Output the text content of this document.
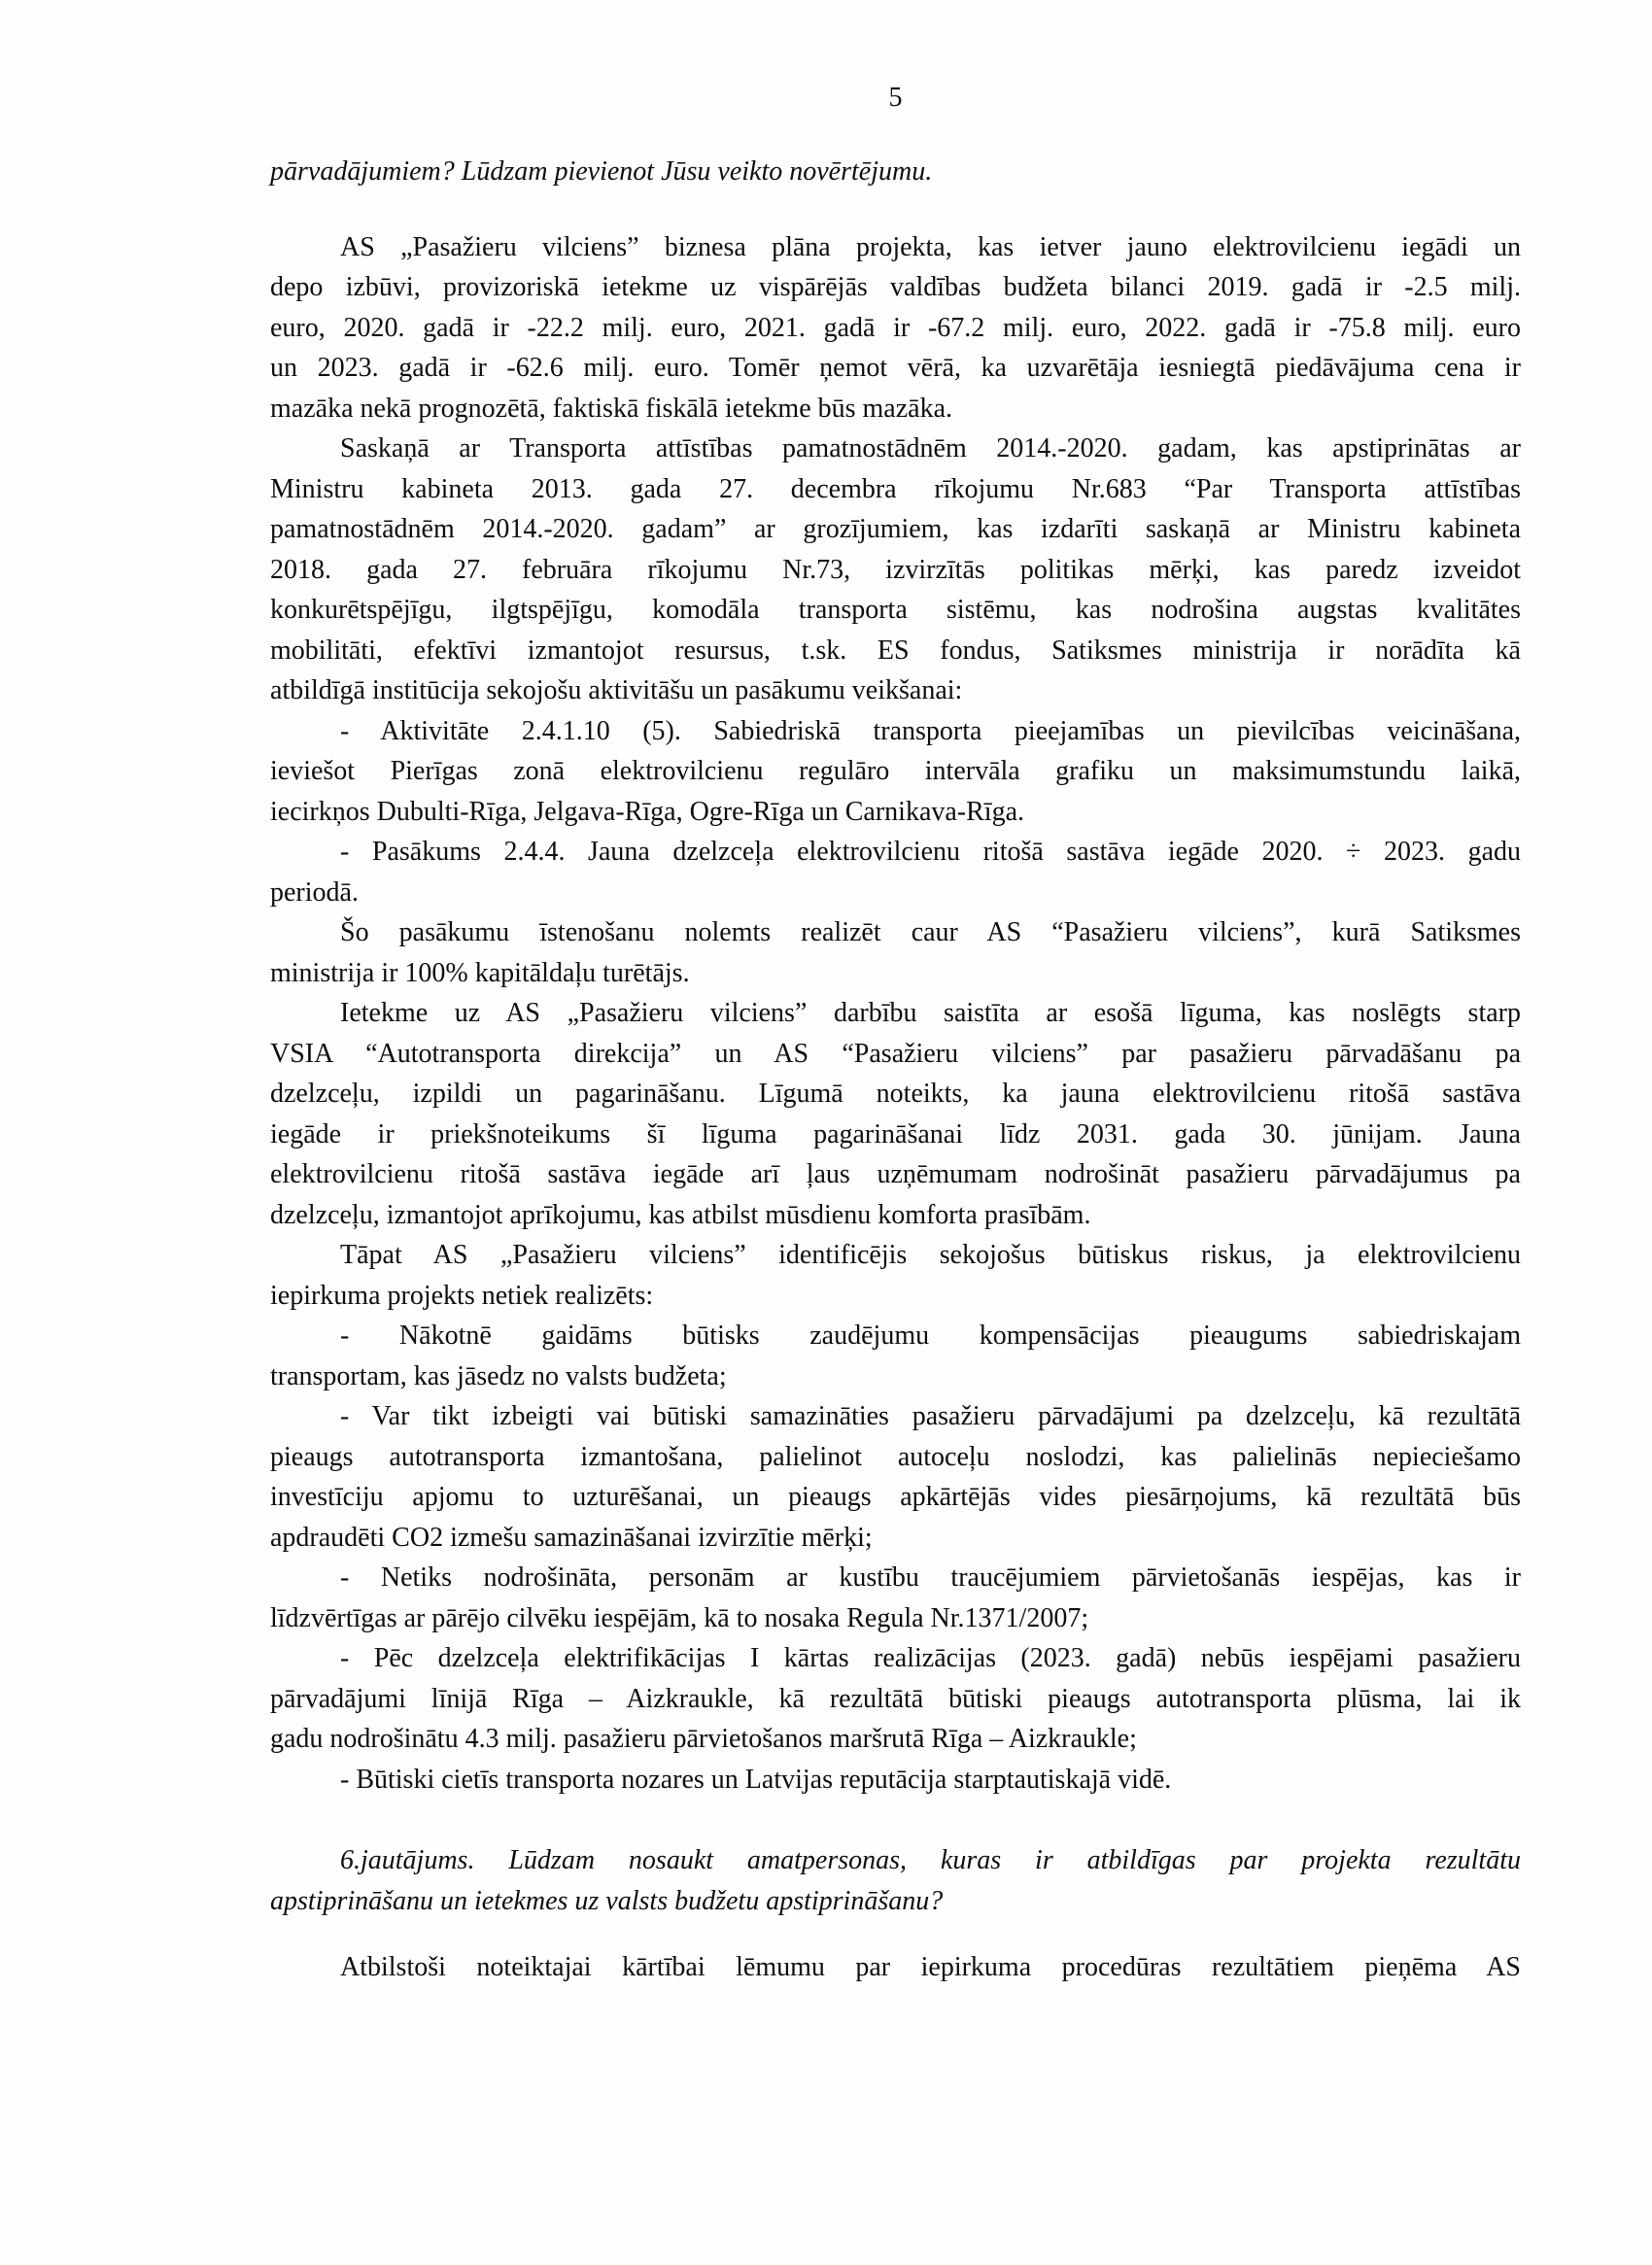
5
pārvadājumiem? Lūdzam pievienot Jūsu veikto novērtējumu.
AS „Pasažieru vilciens” biznesa plāna projekta, kas ietver jauno elektrovilcienu iegādi un
depo izbūvi, provizoriskā ietekme uz vispārējās valdības budžeta bilanci 2019. gadā ir -2.5 milj.
euro, 2020. gadā ir -22.2 milj. euro, 2021. gadā ir -67.2 milj. euro, 2022. gadā ir -75.8 milj. euro
un 2023. gadā ir -62.6 milj. euro. Tomēr ņemot vērā, ka uzvarētāja iesniegtā piedāvājuma cena ir
mazāka nekā prognozētā, faktiskā fiskālā ietekme būs mazāka.
Saskaņā ar Transporta attīstības pamatnostādnēm 2014.-2020. gadam, kas apstiprinātas ar
Ministru kabineta 2013. gada 27. decembra rīkojumu Nr.683 “Par Transporta attīstības
pamatnostādnēm 2014.-2020. gadam” ar grozījumiem, kas izdarīti saskaņā ar Ministru kabineta
2018. gada 27. februāra rīkojumu Nr.73, izvirzītās politikas mērķi, kas paredz izveidot
konkurētspējīgu, ilgtspējīgu, komodāla transporta sistēmu, kas nodrošina augstas kvalitātes
mobilitāti, efektīvi izmantojot resursus, t.sk. ES fondus, Satiksmes ministrija ir norādīta kā
atbildīgā institūcija sekojošu aktivitāšu un pasākumu veikšanai:
- Aktivitāte 2.4.1.10 (5). Sabiedriskā transporta pieejamības un pievilcības veicināšana,
ieviešot Pierīgas zonā elektrovilcienu regulāro intervāla grafiku un maksimumstundu laikā,
iecirkņos Dubulti-Rīga, Jelgava-Rīga, Ogre-Rīga un Carnikava-Rīga.
- Pasākums 2.4.4. Jauna dzelzceļa elektrovilcienu ritošā sastāva iegāde 2020. ÷ 2023. gadu
periodā.
Šo pasākumu īstenošanu nolemts realizēt caur AS “Pasažieru vilciens”, kurā Satiksmes
ministrija ir 100% kapitāldaļu turētājs.
Ietekme uz AS „Pasažieru vilciens” darbību saistīta ar esošā līguma, kas noslēgts starp
VSIA “Autotransporta direkcija” un AS “Pasažieru vilciens” par pasažieru pārvadāšanu pa
dzelzceļu, izpildi un pagarināšanu. Līgumā noteikts, ka jauna elektrovilcienu ritošā sastāva
iegāde ir priekšnoteikums šī līguma pagarināšanai līdz 2031. gada 30. jūnijam. Jauna
elektrovilcienu ritošā sastāva iegāde arī ļaus uzņēmumam nodrošināt pasažieru pārvadājumus pa
dzelzceļu, izmantojot aprīkojumu, kas atbilst mūsdienu komforta prasībām.
Tāpat AS „Pasažieru vilciens” identificējis sekojošus būtiskus riskus, ja elektrovilcienu
iepirkuma projekts netiek realizēts:
- Nākotnē gaidāms būtisks zaudējumu kompensācijas pieaugums sabiedriskajam
transportam, kas jāsedz no valsts budžeta;
- Var tikt izbeigti vai būtiski samazināties pasažieru pārvadājumi pa dzelzceļu, kā rezultātā
pieaugs autotransporta izmantošana, palielinot autoceļu noslodzi, kas palielinās nepieciešamo
investīciju apjomu to uzturēšanai, un pieaugs apkārtējās vides piesārņojums, kā rezultātā būs
apdraudēti CO2 izmešu samazināšanai izvirzītie mērķi;
- Netiks nodrošināta, personām ar kustību traucējumiem pārvietošanās iespējas, kas ir
līdzvērtīgas ar pārējo cilvēku iespējām, kā to nosaka Regula Nr.1371/2007;
- Pēc dzelzceļa elektrifikācijas I kārtas realizācijas (2023. gadā) nebūs iespējami pasažieru
pārvadājumi līnijā Rīga – Aizkraukle, kā rezultātā būtiski pieaugs autotransporta plūsma, lai ik
gadu nodrošinātu 4.3 milj. pasažieru pārvietošanos maršrutā Rīga – Aizkraukle;
- Būtiski cietīs transporta nozares un Latvijas reputācija starptautiskajā vidē.
6.jautājums. Lūdzam nosaukt amatpersonas, kuras ir atbildīgas par projekta rezultātu
apstiprināšanu un ietekmes uz valsts budžetu apstiprināšanu?
Atbilstoši noteiktajai kārtībai lēmumu par iepirkuma procedūras rezultātiem pieņēma AS
